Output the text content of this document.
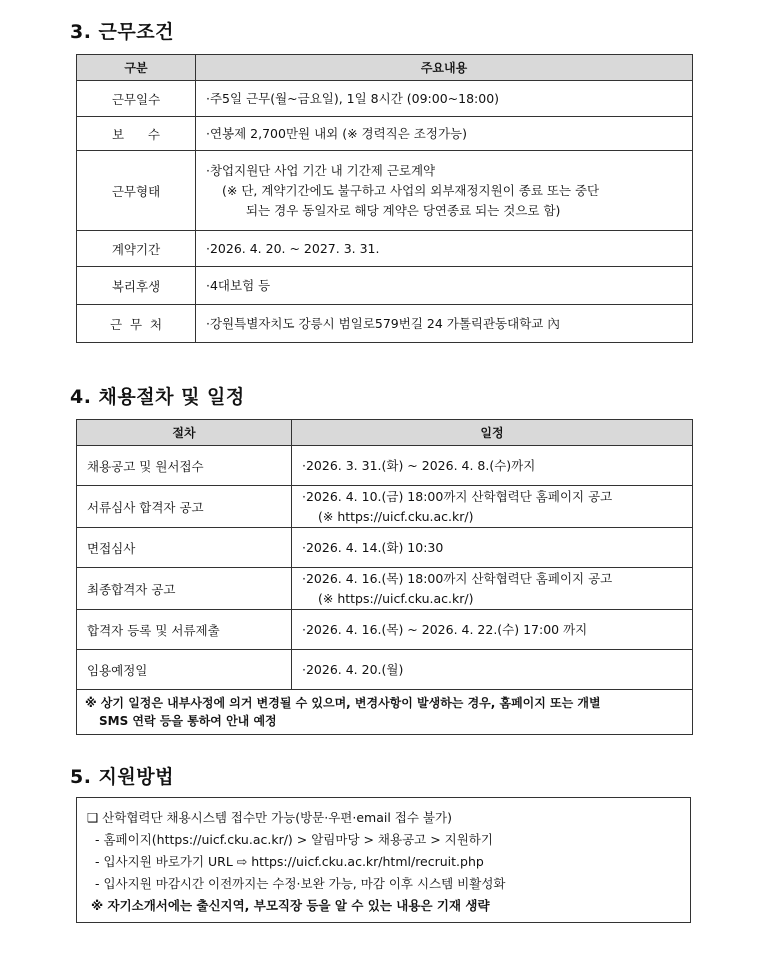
3. 근무조건
구분	주요내용
근무일수	·주5일 근무(월~금요일), 1일 8시간 (09:00~18:00)

보      수	·연봉제 2,700만원 내외 (※ 경력직은 조정가능)

근무형태	·창업지원단 사업 기간 내 기간제 근로계약
(※ 단, 계약기간에도 불구하고 사업의 외부재정지원이 종료 또는 중단
되는 경우 동일자로 해당 계약은 당연종료 되는 것으로 함)

계약기간	·2026. 4. 20. ~ 2027. 3. 31.

복리후생	·4대보험 등

근  무  처	·강원특별자치도 강릉시 범일로579번길 24 가톨릭관동대학교 內
4. 채용절차 및 일정
절차	일정
채용공고 및 원서접수	·2026. 3. 31.(화) ~ 2026. 4. 8.(수)까지

서류심사 합격자 공고	·2026. 4. 10.(금) 18:00까지 산학협력단 홈페이지 공고
(※ https://uicf.cku.ac.kr/)

면접심사	·2026. 4. 14.(화) 10:30

최종합격자 공고	·2026. 4. 16.(목) 18:00까지 산학협력단 홈페이지 공고
(※ https://uicf.cku.ac.kr/)

합격자 등록 및 서류제출	·2026. 4. 16.(목) ~ 2026. 4. 22.(수) 17:00 까지

임용예정일	·2026. 4. 20.(월)

※ 상기 일정은 내부사정에 의거 변경될 수 있으며, 변경사항이 발생하는 경우, 홈페이지 또는 개별
SMS 연락 등을 통하여 안내 예정	
5. 지원방법
❑ 산학협력단 채용시스템 접수만 가능(방문·우편·email 접수 불가)
- 홈페이지(https://uicf.cku.ac.kr/) > 알림마당 > 채용공고 > 지원하기
- 입사지원 바로가기 URL ⇨ https://uicf.cku.ac.kr/html/recruit.php
- 입사지원 마감시간 이전까지는 수정·보완 가능, 마감 이후 시스템 비활성화
※ 자기소개서에는 출신지역, 부모직장 등을 알 수 있는 내용은 기재 생략
